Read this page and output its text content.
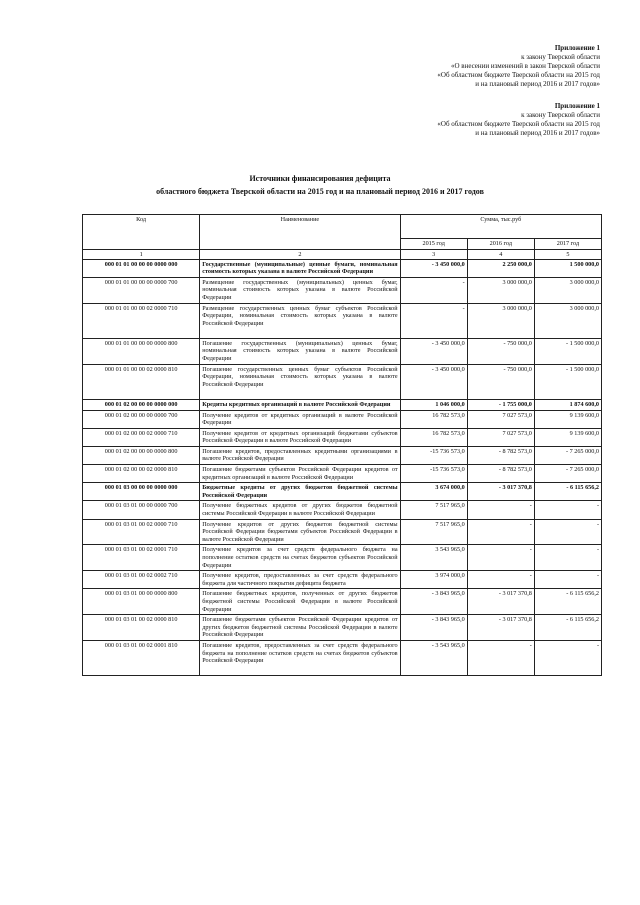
Приложение 1
к закону Тверской области
«О внесении изменений в закон Тверской области
«Об областном бюджете Тверской области на 2015 год
и на плановый период 2016 и 2017 годов»
Приложение 1
к закону Тверской области
«Об областном бюджете Тверской области на 2015 год
и на плановый период 2016 и 2017 годов»
Источники финансирования дефицита
областного бюджета Тверской области на 2015 год и на плановый период 2016 и 2017 годов
Код	Наименование	Сумма, тыс.руб		
		2015 год	2016 год	2017 год
1	2	3	4	5
000 01 01 00 00 00 0000 000	Государственные (муниципальные) ценные бумаги, номинальная стоимость которых указана в валюте Российской Федерации	- 3 450 000,0	2 250 000,0	1 500 000,0
000 01 01 00 00 00 0000 700	Размещение государственных (муниципальных) ценных бумаг, номинальная стоимость которых указана в валюте Российской Федерации	-	3 000 000,0	3 000 000,0
000 01 01 00 00 02 0000 710	Размещение государственных ценных бумаг субъектов Российской Федерации, номинальная стоимость которых указана в валюте Российской Федерации	-	3 000 000,0	3 000 000,0

000 01 01 00 00 00 0000 800	Погашение государственных (муниципальных) ценных бумаг, номинальная стоимость которых указана в валюте Российской Федерации	- 3 450 000,0	- 750 000,0	- 1 500 000,0
000 01 01 00 00 02 0000 810	Погашение государственных ценных бумаг субъектов Российской Федерации, номинальная стоимость которых указана в валюте Российской Федерации	- 3 450 000,0	- 750 000,0	- 1 500 000,0

000 01 02 00 00 00 0000 000	Кредиты кредитных организаций в валюте Российской Федерации	1 046 000,0	- 1 755 000,0	1 874 600,0
000 01 02 00 00 00 0000 700	Получение кредитов от кредитных организаций в валюте Российской Федерации	16 782 573,0	7 027 573,0	9 139 600,0
000 01 02 00 00 02 0000 710	Получение кредитов от кредитных организаций бюджетами субъектов Российской Федерации в валюте Российской Федерации	16 782 573,0	7 027 573,0	9 139 600,0
000 01 02 00 00 00 0000 800	Погашение кредитов, предоставленных кредитными организациями в валюте Российской Федерации	-15 736 573,0	- 8 782 573,0	- 7 265 000,0
000 01 02 00 00 02 0000 810	Погашение бюджетами субъектов Российской Федерации кредитов от кредитных организаций в валюте Российской Федерации	-15 736 573,0	- 8 782 573,0	- 7 265 000,0
000 01 03 00 00 00 0000 000	Бюджетные кредиты от других бюджетов бюджетной системы Российской Федерации	3 674 000,0	- 3 017 370,8	- 6 115 656,2
000 01 03 01 00 00 0000 700	Получение бюджетных кредитов от других бюджетов бюджетной системы Российской Федерации в валюте Российской Федерации	7 517 965,0	-	-
000 01 03 01 00 02 0000 710	Получение кредитов от других бюджетов бюджетной системы Российской Федерации бюджетами субъектов Российской Федерации в валюте Российской Федерации	7 517 965,0	-	-
000 01 03 01 00 02 0001 710	Получение кредитов за счет средств федерального бюджета на пополнение остатков средств на счетах бюджетов субъектов Российской Федерации	3 543 965,0	-	-
000 01 03 01 00 02 0002 710	Получение кредитов, предоставленных за счет средств федерального бюджета для частичного покрытия дефицита бюджета	3 974 000,0	-	-
000 01 03 01 00 00 0000 800	Погашение бюджетных кредитов, полученных от других бюджетов бюджетной системы Российской Федерации в валюте Российской Федерации	- 3 843 965,0	- 3 017 370,8	- 6 115 656,2
000 01 03 01 00 02 0000 810	Погашение бюджетами субъектов Российской Федерации кредитов от других бюджетов бюджетной системы Российской Федерации в валюте Российской Федерации	- 3 843 965,0	- 3 017 370,8	- 6 115 656,2
000 01 03 01 00 02 0001 810	Погашение кредитов, предоставленных за счет средств федерального бюджета на пополнение остатков средств на счетах бюджетов субъектов Российской Федерации	- 3 543 965,0	-	-
